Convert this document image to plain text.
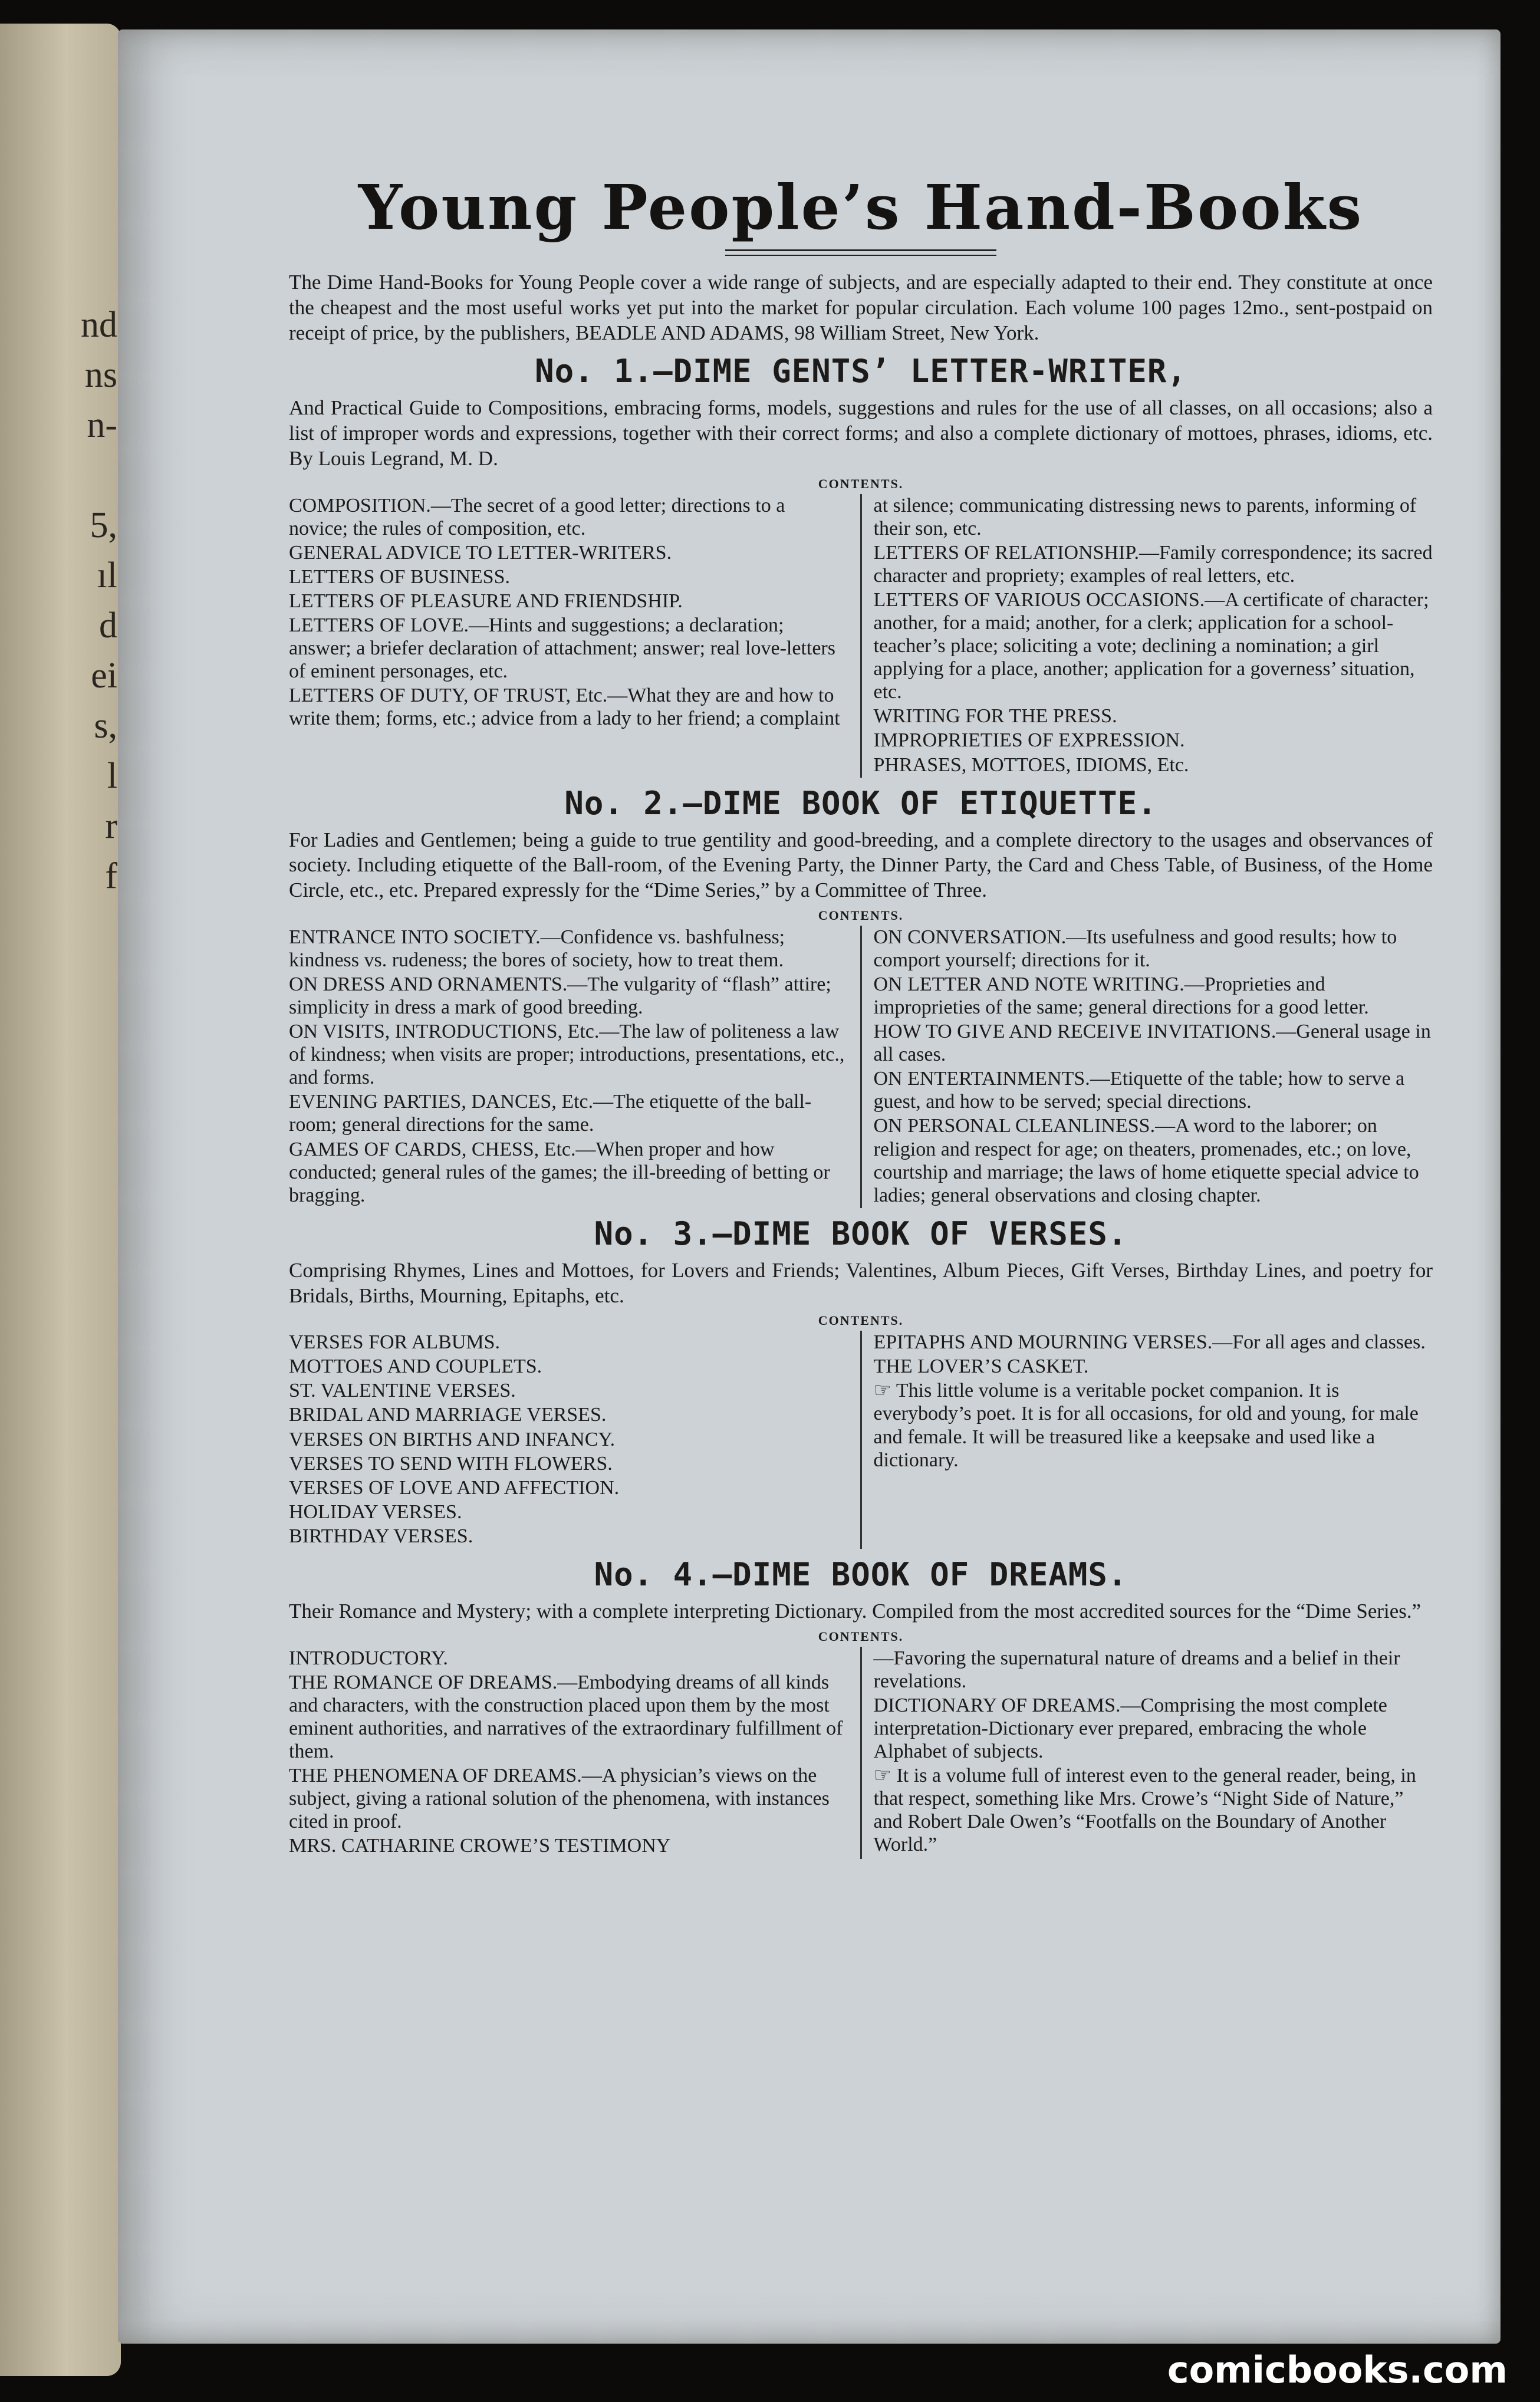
nd
ns
n-
5,
ıl
d
ei
s,
l
r
f
Young People’s Hand-Books

The Dime Hand-Books for Young People cover a wide range of subjects, and are especially adapted to their end. They constitute at once the cheapest and the most useful works yet put into the market for popular circulation. Each volume 100 pages 12mo., sent-postpaid on receipt of price, by the publishers, BEADLE AND ADAMS, 98 William Street, New York.

No. 1.—DIME GENTS’ LETTER-WRITER,

And Practical Guide to Compositions, embracing forms, models, suggestions and rules for the use of all classes, on all occasions; also a list of improper words and expressions, together with their correct forms; and also a complete dictionary of mottoes, phrases, idioms, etc. By Louis Legrand, M. D.

CONTENTS.

COMPOSITION.—The secret of a good letter; directions to a novice; the rules of composition, etc.

GENERAL ADVICE TO LETTER-WRITERS.

LETTERS OF BUSINESS.

LETTERS OF PLEASURE AND FRIENDSHIP.

LETTERS OF LOVE.—Hints and suggestions; a declaration; answer; a briefer declaration of attachment; answer; real love-letters of eminent personages, etc.

LETTERS OF DUTY, OF TRUST, Etc.—What they are and how to write them; forms, etc.; advice from a lady to her friend; a complaint

at silence; communicating distressing news to parents, informing of their son, etc.

LETTERS OF RELATIONSHIP.—Family correspondence; its sacred character and propriety; examples of real letters, etc.

LETTERS OF VARIOUS OCCASIONS.—A certificate of character; another, for a maid; another, for a clerk; application for a school-teacher’s place; soliciting a vote; declining a nomination; a girl applying for a place, another; application for a governess’ situation, etc.

WRITING FOR THE PRESS.

IMPROPRIETIES OF EXPRESSION.

PHRASES, MOTTOES, IDIOMS, Etc.

No. 2.—DIME BOOK OF ETIQUETTE.

For Ladies and Gentlemen; being a guide to true gentility and good-breeding, and a complete directory to the usages and observances of society. Including etiquette of the Ball-room, of the Evening Party, the Dinner Party, the Card and Chess Table, of Business, of the Home Circle, etc., etc. Prepared expressly for the “Dime Series,” by a Committee of Three.

CONTENTS.

ENTRANCE INTO SOCIETY.—Confidence vs. bashfulness; kindness vs. rudeness; the bores of society, how to treat them.

ON DRESS AND ORNAMENTS.—The vulgarity of “flash” attire; simplicity in dress a mark of good breeding.

ON VISITS, INTRODUCTIONS, Etc.—The law of politeness a law of kindness; when visits are proper; introductions, presentations, etc., and forms.

EVENING PARTIES, DANCES, Etc.—The etiquette of the ball-room; general directions for the same.

GAMES OF CARDS, CHESS, Etc.—When proper and how conducted; general rules of the games; the ill-breeding of betting or bragging.

ON CONVERSATION.—Its usefulness and good results; how to comport yourself; directions for it.

ON LETTER AND NOTE WRITING.—Proprieties and improprieties of the same; general directions for a good letter.

HOW TO GIVE AND RECEIVE INVITATIONS.—General usage in all cases.

ON ENTERTAINMENTS.—Etiquette of the table; how to serve a guest, and how to be served; special directions.

ON PERSONAL CLEANLINESS.—A word to the laborer; on religion and respect for age; on theaters, promenades, etc.; on love, courtship and marriage; the laws of home etiquette special advice to ladies; general observations and closing chapter.

No. 3.—DIME BOOK OF VERSES.

Comprising Rhymes, Lines and Mottoes, for Lovers and Friends; Valentines, Album Pieces, Gift Verses, Birthday Lines, and poetry for Bridals, Births, Mourning, Epitaphs, etc.

CONTENTS.

VERSES FOR ALBUMS.

MOTTOES AND COUPLETS.

ST. VALENTINE VERSES.

BRIDAL AND MARRIAGE VERSES.

VERSES ON BIRTHS AND INFANCY.

VERSES TO SEND WITH FLOWERS.

VERSES OF LOVE AND AFFECTION.

HOLIDAY VERSES.

BIRTHDAY VERSES.

EPITAPHS AND MOURNING VERSES.—For all ages and classes.

THE LOVER’S CASKET.

☞ This little volume is a veritable pocket companion. It is everybody’s poet. It is for all occasions, for old and young, for male and female. It will be treasured like a keepsake and used like a dictionary.

No. 4.—DIME BOOK OF DREAMS.

Their Romance and Mystery; with a complete interpreting Dictionary. Compiled from the most accredited sources for the “Dime Series.”

CONTENTS.

INTRODUCTORY.

THE ROMANCE OF DREAMS.—Embodying dreams of all kinds and characters, with the construction placed upon them by the most eminent authorities, and narratives of the extraordinary fulfillment of them.

THE PHENOMENA OF DREAMS.—A physician’s views on the subject, giving a rational solution of the phenomena, with instances cited in proof.

MRS. CATHARINE CROWE’S TESTIMONY

—Favoring the supernatural nature of dreams and a belief in their revelations.

DICTIONARY OF DREAMS.—Comprising the most complete interpretation-Dictionary ever prepared, embracing the whole Alphabet of subjects.

☞ It is a volume full of interest even to the general reader, being, in that respect, something like Mrs. Crowe’s “Night Side of Nature,” and Robert Dale Owen’s “Footfalls on the Boundary of Another World.”

comicbooks.com
